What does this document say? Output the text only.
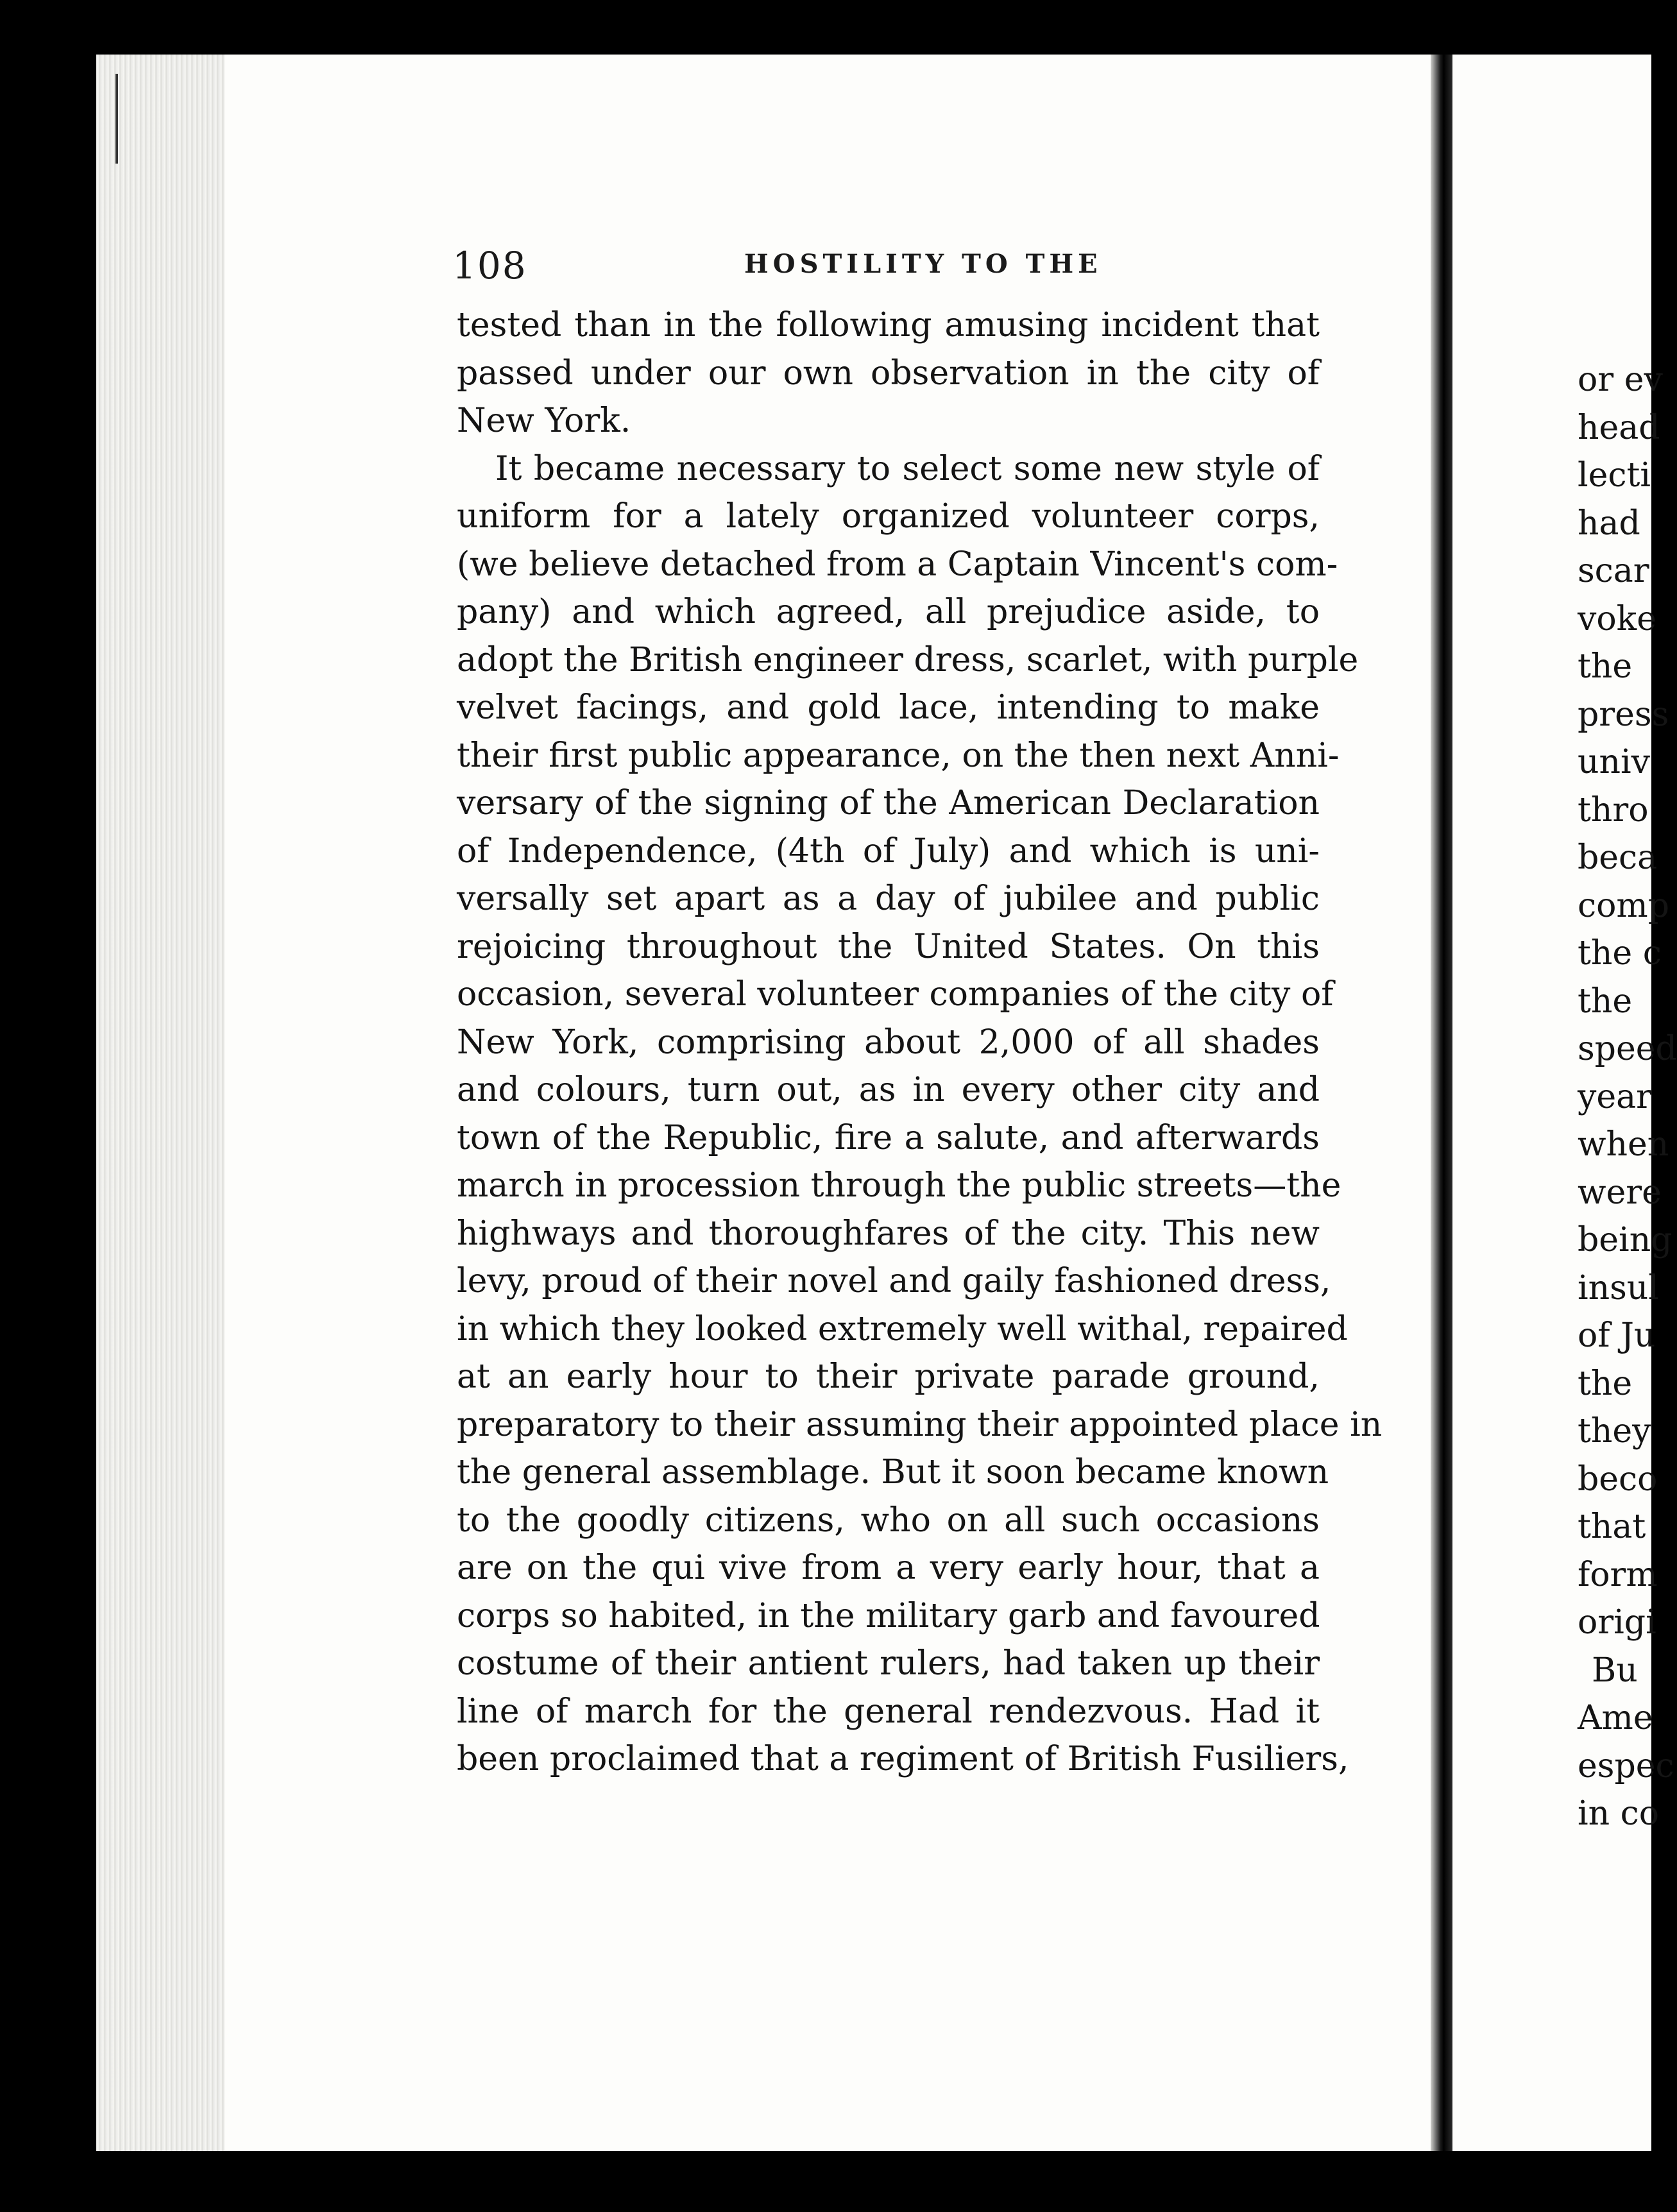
or ev
head
lecti
had
scar
voke
the
press
univ
thro
beca
comp
the c
the
speed
year
when
were
being
insul
of Ju
the
they
beco
that
form
origi
Bu
Ame
espec
in co
108	HOSTILITY TO THE
tested than in the following amusing incident that
passed under our own observation in the city of
New York.
It became necessary to select some new style of
uniform for a lately organized volunteer corps,
(we believe detached from a Captain Vincent's com-
pany) and which agreed, all prejudice aside, to
adopt the British engineer dress, scarlet, with purple
velvet facings, and gold lace, intending to make
their first public appearance, on the then next Anni-
versary of the signing of the American Declaration
of Independence, (4th of July) and which is uni-
versally set apart as a day of jubilee and public
rejoicing throughout the United States. On this
occasion, several volunteer companies of the city of
New York, comprising about 2,000 of all shades
and colours, turn out, as in every other city and
town of the Republic, fire a salute, and afterwards
march in procession through the public streets—the
highways and thoroughfares of the city. This new
levy, proud of their novel and gaily fashioned dress,
in which they looked extremely well withal, repaired
at an early hour to their private parade ground,
preparatory to their assuming their appointed place in
the general assemblage. But it soon became known
to the goodly citizens, who on all such occasions
are on the qui vive from a very early hour, that a
corps so habited, in the military garb and favoured
costume of their antient rulers, had taken up their
line of march for the general rendezvous. Had it
been proclaimed that a regiment of British Fusiliers,
